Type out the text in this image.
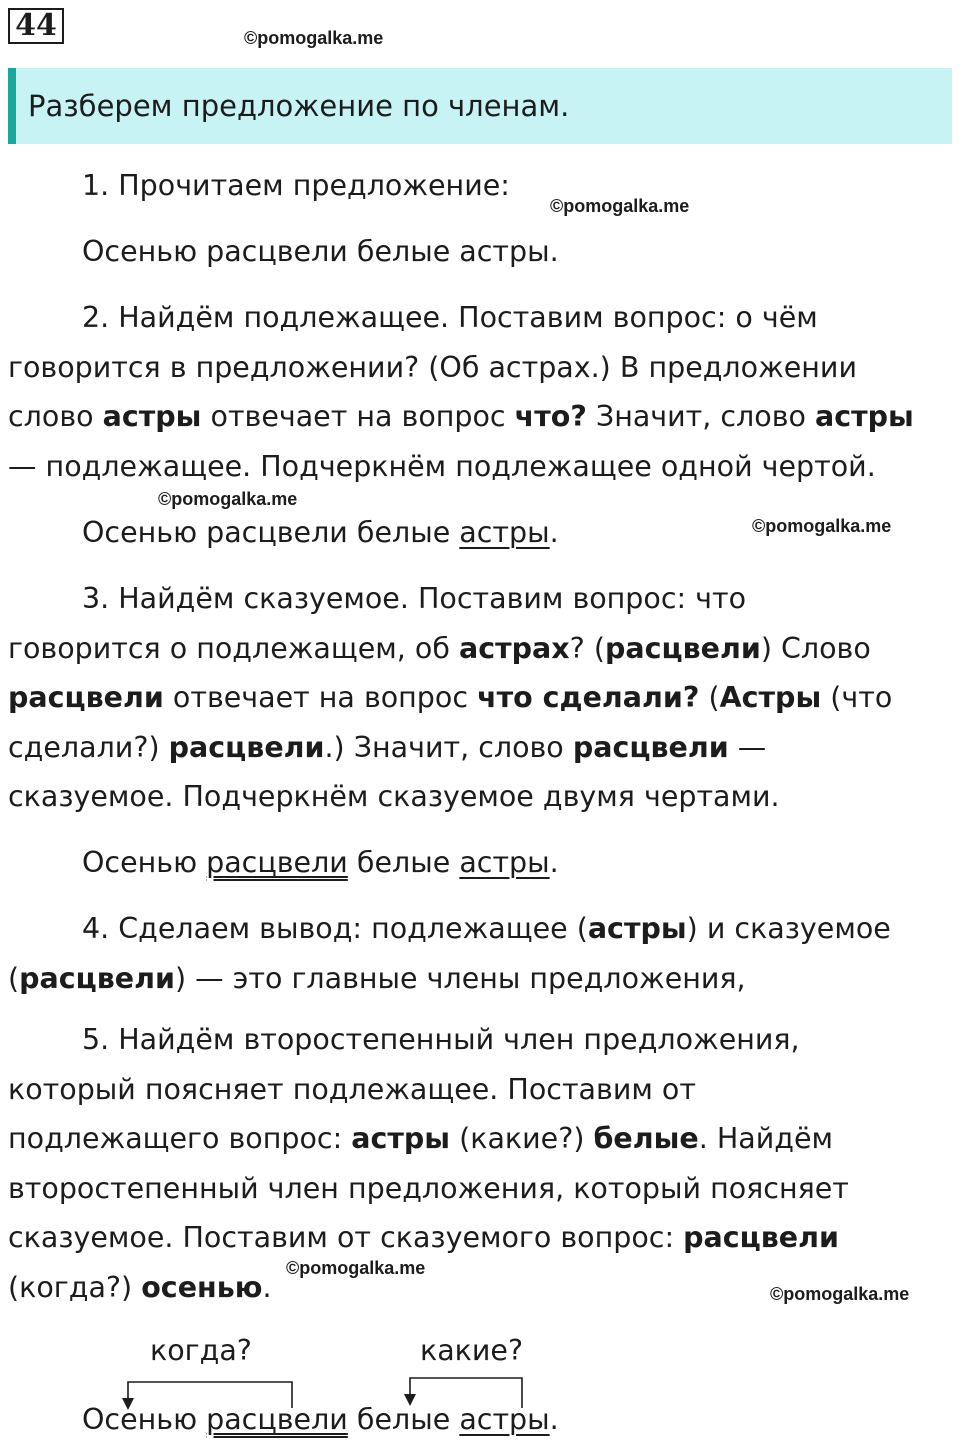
44	©pomogalka.me
©pomogalka.me
©pomogalka.me
©pomogalka.me
©pomogalka.me
©pomogalka.me
Разберем предложение по членам.
1. Прочитаем предложение:
Осенью расцвели белые астры.
2. Найдём подлежащее. Поставим вопрос: о чём
говорится в предложении? (Об астрах.) В предложении
слово астры отвечает на вопрос что? Значит, слово астры
— подлежащее. Подчеркнём подлежащее одной чертой.
Осенью расцвели белые астры.
3. Найдём сказуемое. Поставим вопрос: что
говорится о подлежащем, об астрах? (расцвели) Слово
расцвели отвечает на вопрос что сделали? (Астры (что
сделали?) расцвели.) Значит, слово расцвели —
сказуемое. Подчеркнём сказуемое двумя чертами.
Осенью расцвели белые астры.
4. Сделаем вывод: подлежащее (астры) и сказуемое
(расцвели) — это главные члены предложения,
5. Найдём второстепенный член предложения,
который поясняет подлежащее. Поставим от
подлежащего вопрос: астры (какие?) белые. Найдём
второстепенный член предложения, который поясняет
сказуемое. Поставим от сказуемого вопрос: расцвели
(когда?) осенью.
когда?	какие?
Осенью расцвели белые астры.
